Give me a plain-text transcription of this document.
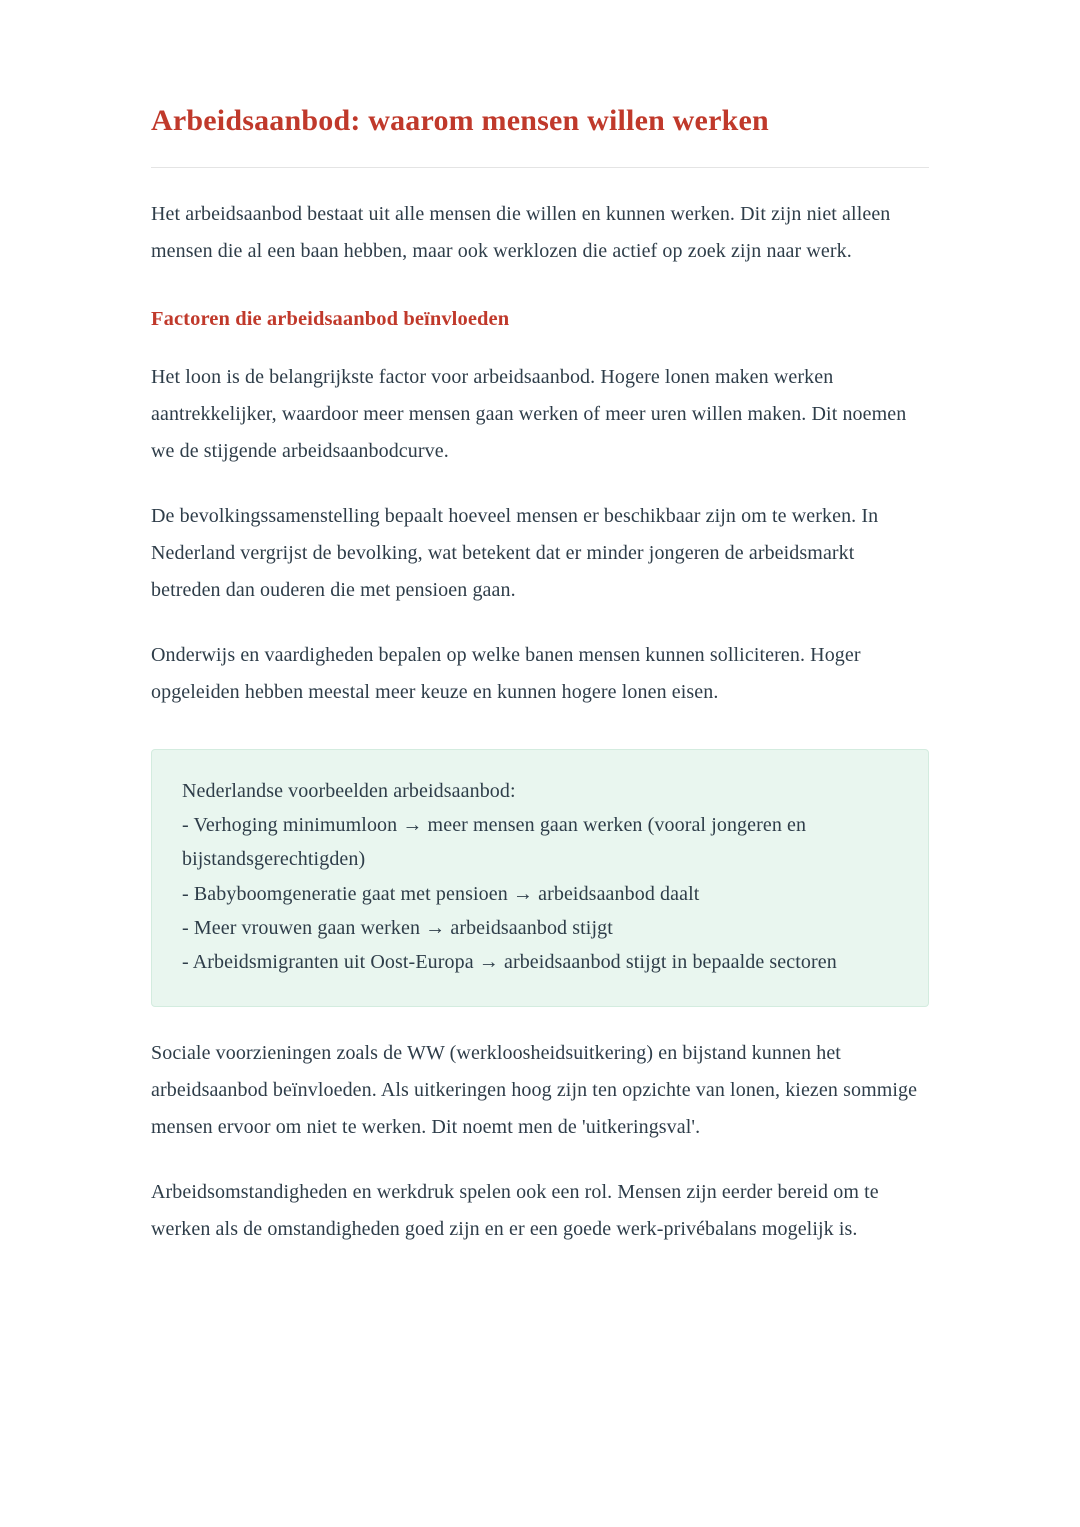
Arbeidsaanbod: waarom mensen willen werken

Het arbeidsaanbod bestaat uit alle mensen die willen en kunnen werken. Dit zijn niet alleen mensen die al een baan hebben, maar ook werklozen die actief op zoek zijn naar werk.

Factoren die arbeidsaanbod beïnvloeden

Het loon is de belangrijkste factor voor arbeidsaanbod. Hogere lonen maken werken aantrekkelijker, waardoor meer mensen gaan werken of meer uren willen maken. Dit noemen we de stijgende arbeidsaanbodcurve.

De bevolkingssamenstelling bepaalt hoeveel mensen er beschikbaar zijn om te werken. In Nederland vergrijst de bevolking, wat betekent dat er minder jongeren de arbeidsmarkt betreden dan ouderen die met pensioen gaan.

Onderwijs en vaardigheden bepalen op welke banen mensen kunnen solliciteren. Hoger opgeleiden hebben meestal meer keuze en kunnen hogere lonen eisen.

Nederlandse voorbeelden arbeidsaanbod:
- Verhoging minimumloon → meer mensen gaan werken (vooral jongeren en bijstandsgerechtigden)
- Babyboomgeneratie gaat met pensioen → arbeidsaanbod daalt
- Meer vrouwen gaan werken → arbeidsaanbod stijgt
- Arbeidsmigranten uit Oost-Europa → arbeidsaanbod stijgt in bepaalde sectoren

Sociale voorzieningen zoals de WW (werkloosheidsuitkering) en bijstand kunnen het arbeidsaanbod beïnvloeden. Als uitkeringen hoog zijn ten opzichte van lonen, kiezen sommige mensen ervoor om niet te werken. Dit noemt men de 'uitkeringsval'.

Arbeidsomstandigheden en werkdruk spelen ook een rol. Mensen zijn eerder bereid om te werken als de omstandigheden goed zijn en er een goede werk-privébalans mogelijk is.
